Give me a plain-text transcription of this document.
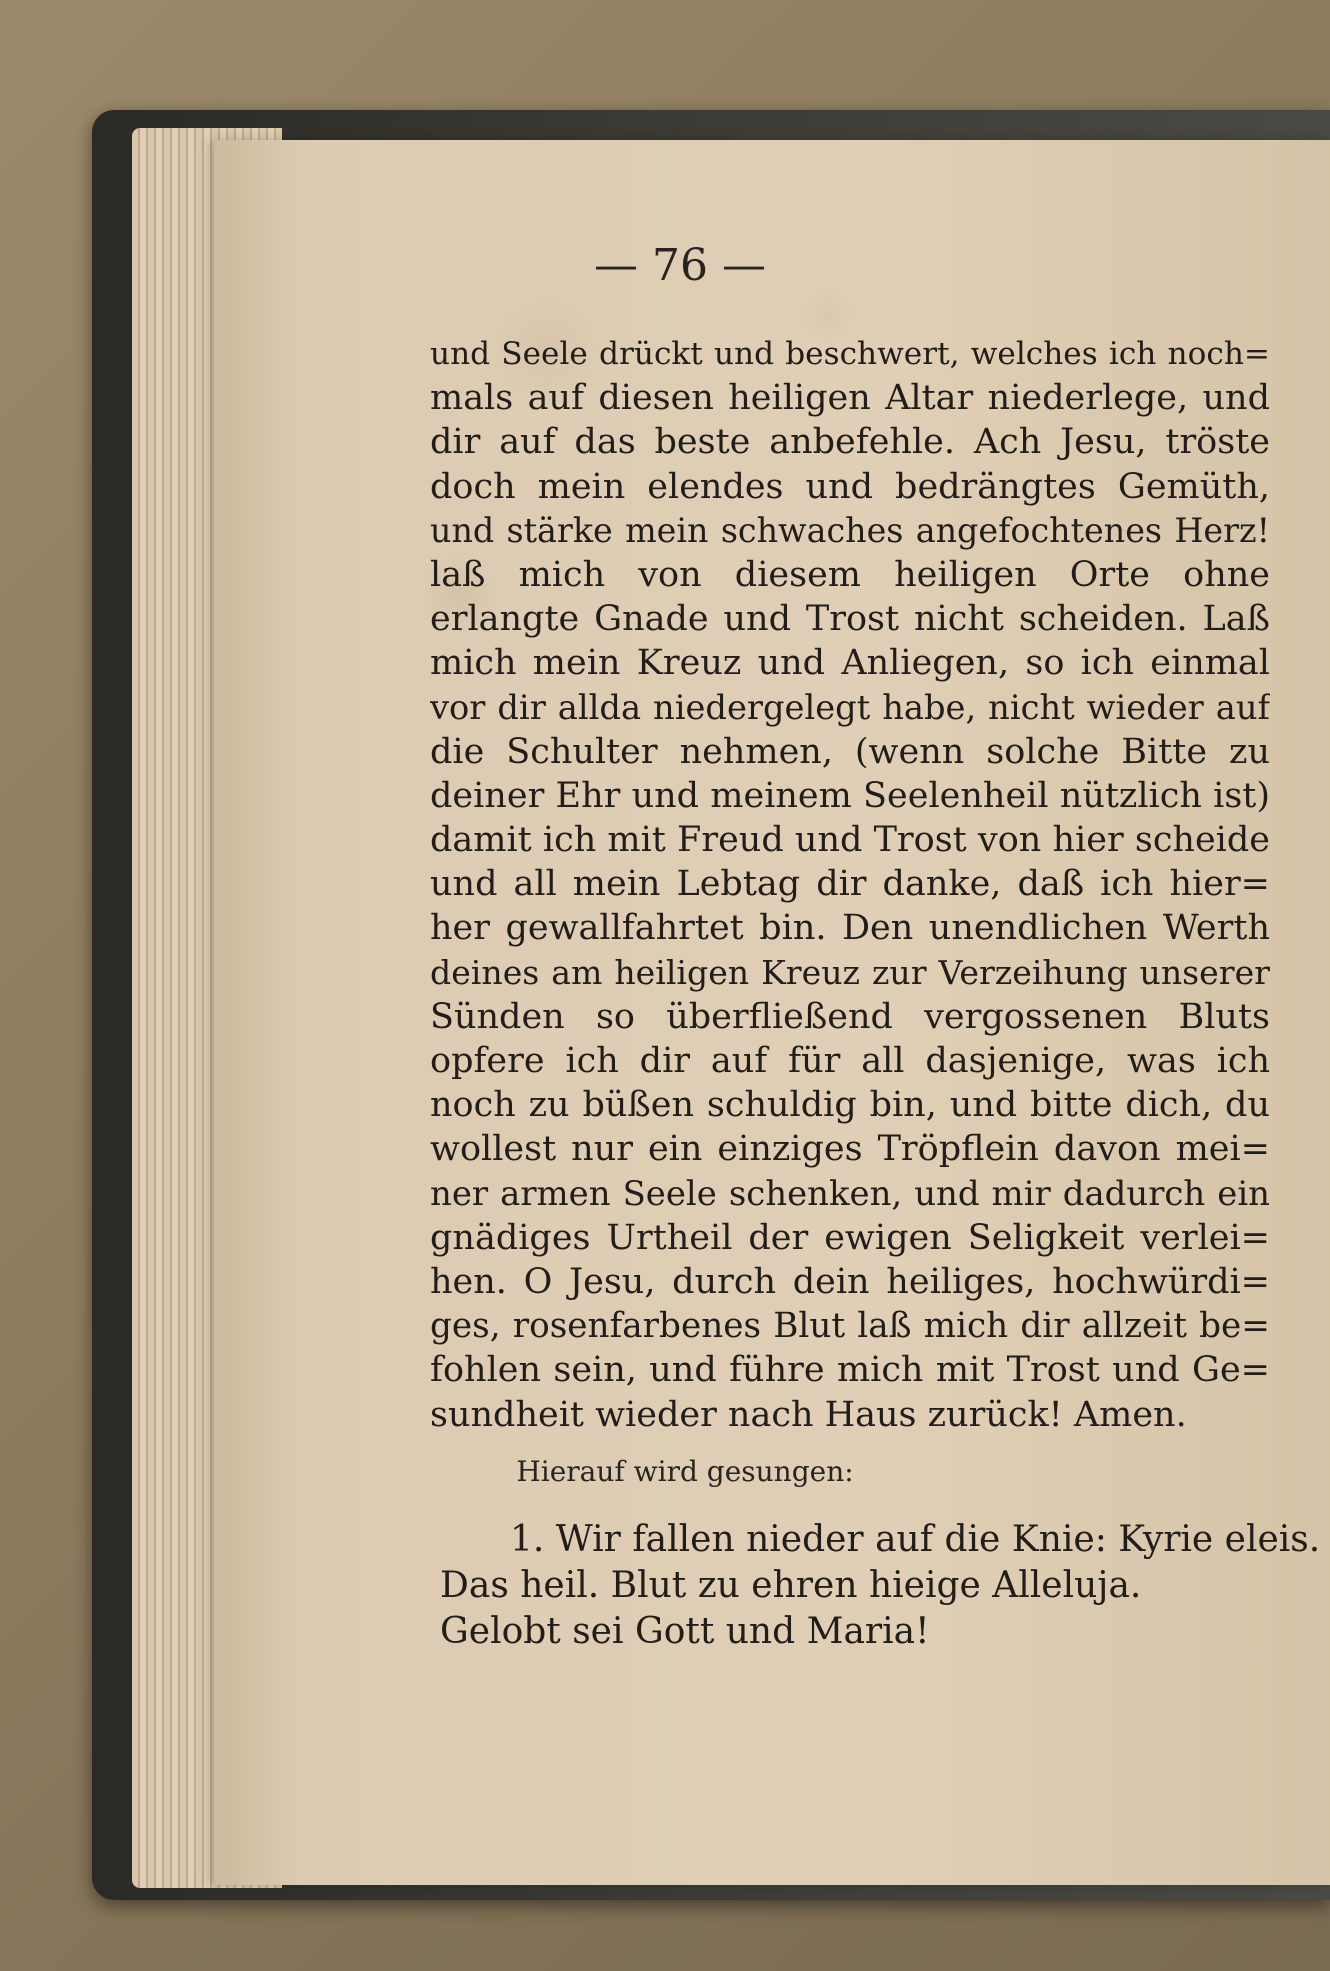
— 76 —
und Seele drückt und beschwert, welches ich noch=
mals auf diesen heiligen Altar niederlege, und
dir auf das beste anbefehle. Ach Jesu, tröste
doch mein elendes und bedrängtes Gemüth,
und stärke mein schwaches angefochtenes Herz!
laß mich von diesem heiligen Orte ohne
erlangte Gnade und Trost nicht scheiden. Laß
mich mein Kreuz und Anliegen, so ich einmal
vor dir allda niedergelegt habe, nicht wieder auf
die Schulter nehmen, (wenn solche Bitte zu
deiner Ehr und meinem Seelenheil nützlich ist)
damit ich mit Freud und Trost von hier scheide
und all mein Lebtag dir danke, daß ich hier=
her gewallfahrtet bin. Den unendlichen Werth
deines am heiligen Kreuz zur Verzeihung unserer
Sünden so überfließend vergossenen Bluts
opfere ich dir auf für all dasjenige, was ich
noch zu büßen schuldig bin, und bitte dich, du
wollest nur ein einziges Tröpflein davon mei=
ner armen Seele schenken, und mir dadurch ein
gnädiges Urtheil der ewigen Seligkeit verlei=
hen. O Jesu, durch dein heiliges, hochwürdi=
ges, rosenfarbenes Blut laß mich dir allzeit be=
fohlen sein, und führe mich mit Trost und Ge=
sundheit wieder nach Haus zurück! Amen.
Hierauf wird gesungen:
1. Wir fallen nieder auf die Knie: Kyrie eleis.
Das heil. Blut zu ehren hieige Alleluja.
Gelobt sei Gott und Maria!
